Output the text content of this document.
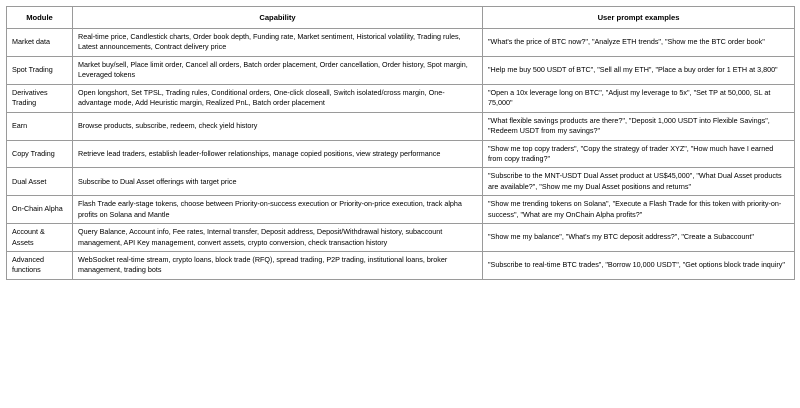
Module	Capability	User prompt examples
Market data	Real-time price, Candlestick charts, Order book depth, Funding rate, Market sentiment, Historical volatility, Trading rules, Latest announcements, Contract delivery price	"What's the price of BTC now?", "Analyze ETH trends", "Show me the BTC order book"
Spot Trading	Market buy/sell, Place limit order, Cancel all orders, Batch order placement, Order cancellation, Order history, Spot margin, Leveraged tokens	"Help me buy 500 USDT of BTC", "Sell all my ETH", "Place a buy order for 1 ETH at 3,800"
Derivatives Trading	Open longshort, Set TPSL, Trading rules, Conditional orders, One-click closeall, Switch isolated/cross margin, One-advantage mode, Add Heuristic margin, Realized PnL, Batch order placement	"Open a 10x leverage long on BTC", "Adjust my leverage to 5x", "Set TP at 50,000, SL at 75,000"
Earn	Browse products, subscribe, redeem, check yield history	"What flexible savings products are there?", "Deposit 1,000 USDT into Flexible Savings", "Redeem USDT from my savings?"
Copy Trading	Retrieve lead traders, establish leader-follower relationships, manage copied positions, view strategy performance	"Show me top copy traders", "Copy the strategy of trader XYZ", "How much have I earned from copy trading?"
Dual Asset	Subscribe to Dual Asset offerings with target price	"Subscribe to the MNT-USDT Dual Asset product at US$45,000", "What Dual Asset products are available?", "Show me my Dual Asset positions and returns"
On-Chain Alpha	Flash Trade early-stage tokens, choose between Priority-on-success execution or Priority-on-price execution, track alpha profits on Solana and Mantle	"Show me trending tokens on Solana", "Execute a Flash Trade for this token with priority-on-success", "What are my OnChain Alpha profits?"
Account & Assets	Query Balance, Account info, Fee rates, Internal transfer, Deposit address, Deposit/Withdrawal history, subaccount management, API Key management, convert assets, crypto conversion, check transaction history	"Show me my balance", "What's my BTC deposit address?", "Create a Subaccount"
Advanced functions	WebSocket real-time stream, crypto loans, block trade (RFQ), spread trading, P2P trading, institutional loans, broker management, trading bots	"Subscribe to real-time BTC trades", "Borrow 10,000 USDT", "Get options block trade inquiry"
